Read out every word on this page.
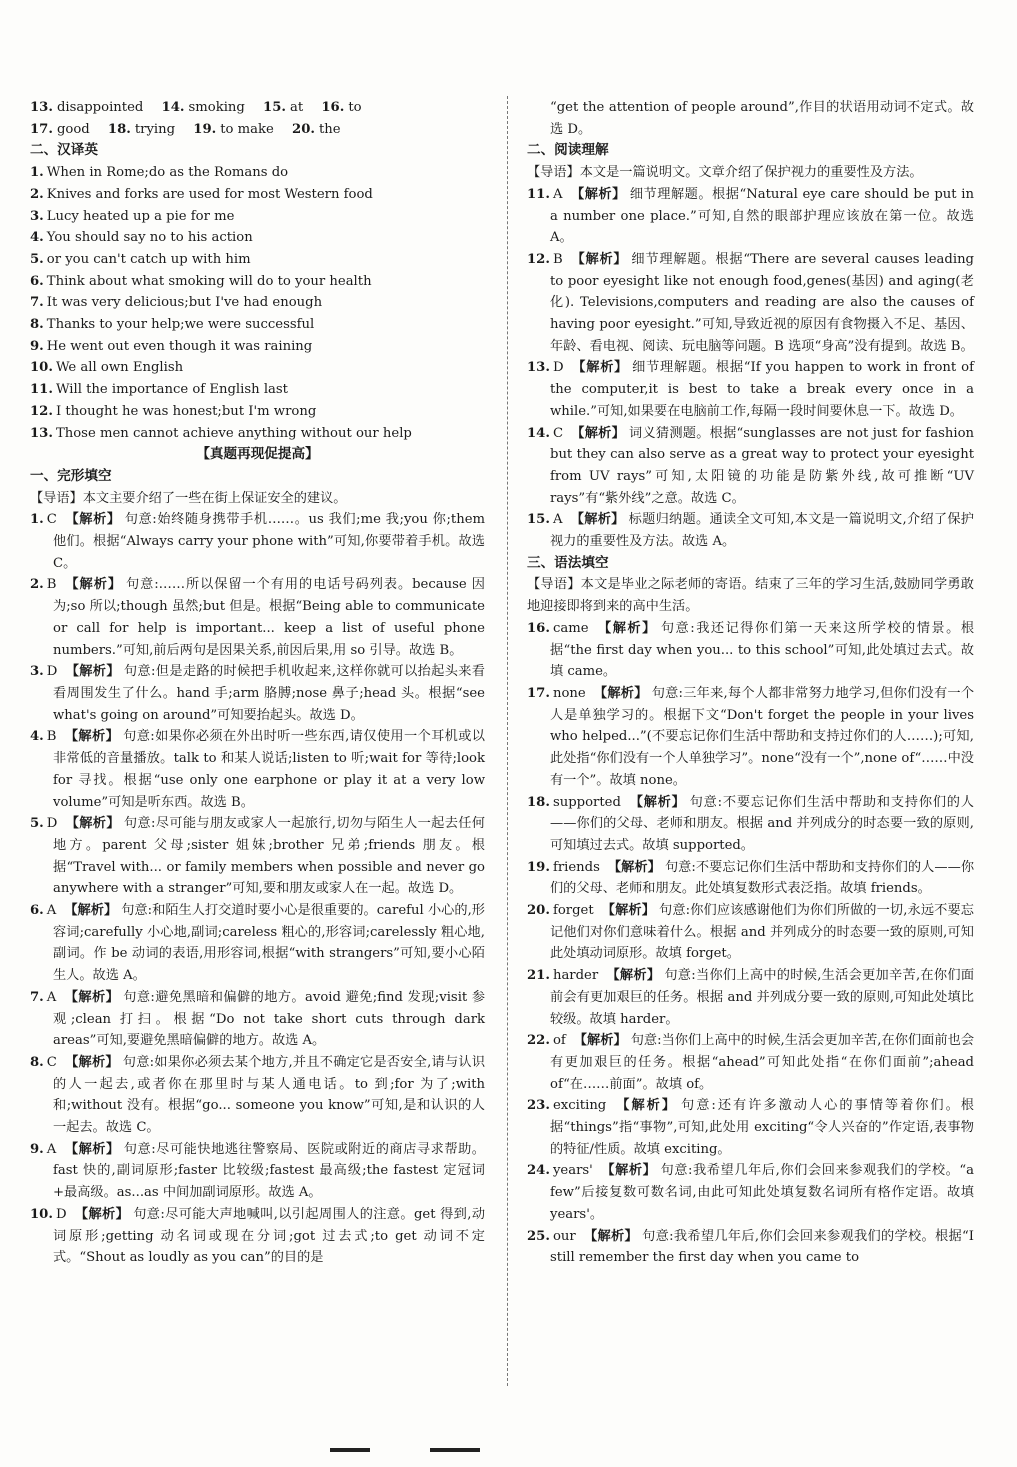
13. disappointed 14. smoking 15. at 16. to
17. good 18. trying 19. to make 20. the
二、汉译英
1. When in Rome;do as the Romans do
2. Knives and forks are used for most Western food
3. Lucy heated up a pie for me
4. You should say no to his action
5. or you can't catch up with him
6. Think about what smoking will do to your health
7. It was very delicious;but I've had enough
8. Thanks to your help;we were successful
9. He went out even though it was raining
10. We all own English
11. Will the importance of English last
12. I thought he was honest;but I'm wrong
13. Those men cannot achieve anything without our help
【真题再现促提高】
一、完形填空
【导语】本文主要介绍了一些在街上保证安全的建议。
1. C 【解析】 句意:始终随身携带手机……。us 我们;me 我;you 你;them 他们。根据“Always carry your phone with”可知,你要带着手机。故选 C。
2. B 【解析】 句意:……所以保留一个有用的电话号码列表。because 因为;so 所以;though 虽然;but 但是。根据“Being able to communicate or call for help is important... keep a list of useful phone numbers.”可知,前后两句是因果关系,前因后果,用 so 引导。故选 B。
3. D 【解析】 句意:但是走路的时候把手机收起来,这样你就可以抬起头来看看周围发生了什么。hand 手;arm 胳膊;nose 鼻子;head 头。根据“see what's going on around”可知要抬起头。故选 D。
4. B 【解析】 句意:如果你必须在外出时听一些东西,请仅使用一个耳机或以非常低的音量播放。talk to 和某人说话;listen to 听;wait for 等待;look for 寻找。根据“use only one earphone or play it at a very low volume”可知是听东西。故选 B。
5. D 【解析】 句意:尽可能与朋友或家人一起旅行,切勿与陌生人一起去任何地方。parent 父母;sister 姐妹;brother 兄弟;friends 朋友。根据“Travel with... or family members when possible and never go anywhere with a stranger”可知,要和朋友或家人在一起。故选 D。
6. A 【解析】 句意:和陌生人打交道时要小心是很重要的。careful 小心的,形容词;carefully 小心地,副词;careless 粗心的,形容词;carelessly 粗心地,副词。作 be 动词的表语,用形容词,根据“with strangers”可知,要小心陌生人。故选 A。
7. A 【解析】 句意:避免黑暗和偏僻的地方。avoid 避免;find 发现;visit 参观;clean 打扫。根据“Do not take short cuts through dark areas”可知,要避免黑暗偏僻的地方。故选 A。
8. C 【解析】 句意:如果你必须去某个地方,并且不确定它是否安全,请与认识的人一起去,或者你在那里时与某人通电话。to 到;for 为了;with 和;without 没有。根据“go... someone you know”可知,是和认识的人一起去。故选 C。
9. A 【解析】 句意:尽可能快地逃往警察局、医院或附近的商店寻求帮助。fast 快的,副词原形;faster 比较级;fastest 最高级;the fastest 定冠词+最高级。as...as 中间加副词原形。故选 A。
10. D 【解析】 句意:尽可能大声地喊叫,以引起周围人的注意。get 得到,动词原形;getting 动名词或现在分词;got 过去式;to get 动词不定式。“Shout as loudly as you can”的目的是
“get the attention of people around”,作目的状语用动词不定式。故选 D。
二、阅读理解
【导语】本文是一篇说明文。文章介绍了保护视力的重要性及方法。
11. A 【解析】 细节理解题。根据“Natural eye care should be put in a number one place.”可知,自然的眼部护理应该放在第一位。故选 A。
12. B 【解析】 细节理解题。根据“There are several causes leading to poor eyesight like not enough food,genes(基因) and aging(老化). Televisions,computers and reading are also the causes of having poor eyesight.”可知,导致近视的原因有食物摄入不足、基因、年龄、看电视、阅读、玩电脑等问题。B 选项“身高”没有提到。故选 B。
13. D 【解析】 细节理解题。根据“If you happen to work in front of the computer,it is best to take a break every once in a while.”可知,如果要在电脑前工作,每隔一段时间要休息一下。故选 D。
14. C 【解析】 词义猜测题。根据“sunglasses are not just for fashion but they can also serve as a great way to protect your eyesight from UV rays”可知,太阳镜的功能是防紫外线,故可推断“UV rays”有“紫外线”之意。故选 C。
15. A 【解析】 标题归纳题。通读全文可知,本文是一篇说明文,介绍了保护视力的重要性及方法。故选 A。
三、语法填空
【导语】本文是毕业之际老师的寄语。结束了三年的学习生活,鼓励同学勇敢地迎接即将到来的高中生活。
16. came 【解析】 句意:我还记得你们第一天来这所学校的情景。根据“the first day when you... to this school”可知,此处填过去式。故填 came。
17. none 【解析】 句意:三年来,每个人都非常努力地学习,但你们没有一个人是单独学习的。根据下文“Don't forget the people in your lives who helped...”(不要忘记你们生活中帮助和支持过你们的人……);可知,此处指“你们没有一个人单独学习”。none“没有一个”,none of“……中没有一个”。故填 none。
18. supported 【解析】 句意:不要忘记你们生活中帮助和支持你们的人——你们的父母、老师和朋友。根据 and 并列成分的时态要一致的原则,可知填过去式。故填 supported。
19. friends 【解析】 句意:不要忘记你们生活中帮助和支持你们的人——你们的父母、老师和朋友。此处填复数形式表泛指。故填 friends。
20. forget 【解析】 句意:你们应该感谢他们为你们所做的一切,永远不要忘记他们对你们意味着什么。根据 and 并列成分的时态要一致的原则,可知此处填动词原形。故填 forget。
21. harder 【解析】 句意:当你们上高中的时候,生活会更加辛苦,在你们面前会有更加艰巨的任务。根据 and 并列成分要一致的原则,可知此处填比较级。故填 harder。
22. of 【解析】 句意:当你们上高中的时候,生活会更加辛苦,在你们面前也会有更加艰巨的任务。根据“ahead”可知此处指“在你们面前”;ahead of“在……前面”。故填 of。
23. exciting 【解析】 句意:还有许多激动人心的事情等着你们。根据“things”指“事物”,可知,此处用 exciting“令人兴奋的”作定语,表事物的特征/性质。故填 exciting。
24. years' 【解析】 句意:我希望几年后,你们会回来参观我们的学校。“a few”后接复数可数名词,由此可知此处填复数名词所有格作定语。故填 years'。
25. our 【解析】 句意:我希望几年后,你们会回来参观我们的学校。根据“I still remember the first day when you came to
